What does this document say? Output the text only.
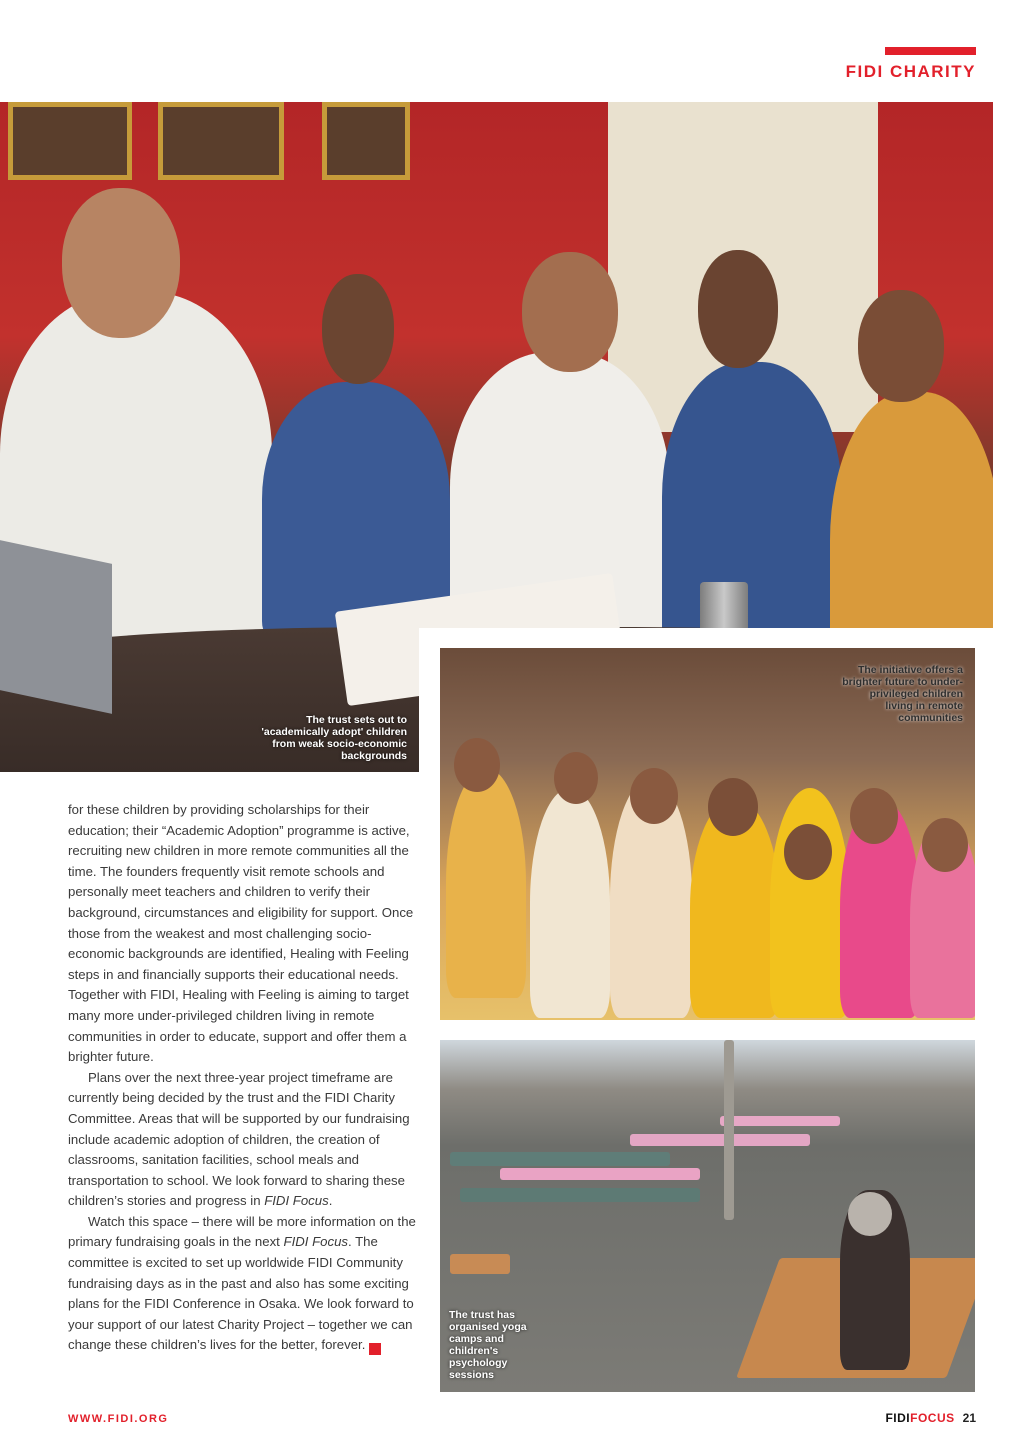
FIDI CHARITY

The trust sets out to 'academically adopt' children from weak socio-economic backgrounds

The initiative offers a brighter future to under-privileged children living in remote communities

The trust has organised yoga camps and children's psychology sessions

for these children by providing scholarships for their education; their “Academic Adoption” programme is active, recruiting new children in more remote communities all the time. The founders frequently visit remote schools and personally meet teachers and children to verify their background, circumstances and eligibility for support. Once those from the weakest and most challenging socio-economic backgrounds are identified, Healing with Feeling steps in and financially supports their educational needs. Together with FIDI, Healing with Feeling is aiming to target many more under-privileged children living in remote communities in order to educate, support and offer them a brighter future.

Plans over the next three-year project timeframe are currently being decided by the trust and the FIDI Charity Committee. Areas that will be supported by our fundraising include academic adoption of children, the creation of classrooms, sanitation facilities, school meals and transportation to school. We look forward to sharing these children’s stories and progress in FIDI Focus.

Watch this space – there will be more information on the primary fundraising goals in the next FIDI Focus. The committee is excited to set up worldwide FIDI Community fundraising days as in the past and also has some exciting plans for the FIDI Conference in Osaka. We look forward to your support of our latest Charity Project – together we can change these children’s lives for the better, forever.	FF

WWW.FIDI.ORG	FIDIFOCUS 21
